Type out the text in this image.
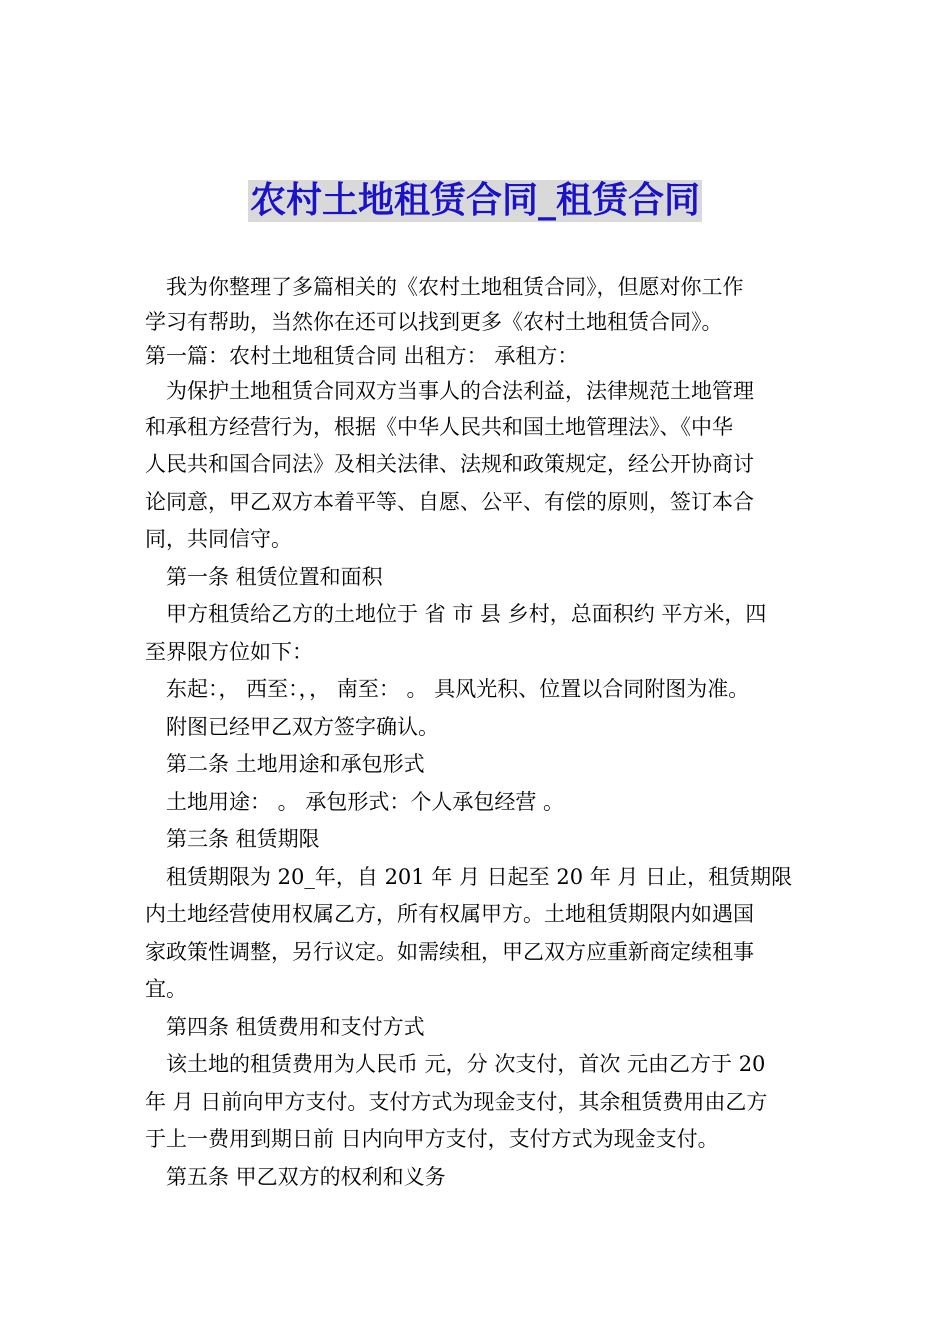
农村土地租赁合同_租赁合同
我为你整理了多篇相关的《农村土地租赁合同》，但愿对你工作
学习有帮助，当然你在还可以找到更多《农村土地租赁合同》。
第一篇：农村土地租赁合同 出租方： 承租方：
为保护土地租赁合同双方当事人的合法利益，法律规范土地管理
和承租方经营行为，根据《中华人民共和国土地管理法》、《中华
人民共和国合同法》及相关法律、法规和政策规定，经公开协商讨
论同意，甲乙双方本着平等、自愿、公平、有偿的原则，签订本合
同，共同信守。
第一条 租赁位置和面积
甲方租赁给乙方的土地位于 省 市 县 乡村，总面积约 平方米，四
至界限方位如下：
东起：， 西至：，， 南至： 。 具风光积、位置以合同附图为准。
附图已经甲乙双方签字确认。
第二条 土地用途和承包形式
土地用途： 。 承包形式：个人承包经营 。
第三条 租赁期限
租赁期限为 20_年，自 201 年 月 日起至 20 年 月 日止，租赁期限
内土地经营使用权属乙方，所有权属甲方。土地租赁期限内如遇国
家政策性调整，另行议定。如需续租，甲乙双方应重新商定续租事
宜。
第四条 租赁费用和支付方式
该土地的租赁费用为人民币 元，分 次支付，首次 元由乙方于 20
年 月 日前向甲方支付。支付方式为现金支付，其余租赁费用由乙方
于上一费用到期日前 日内向甲方支付，支付方式为现金支付。
第五条 甲乙双方的权利和义务
